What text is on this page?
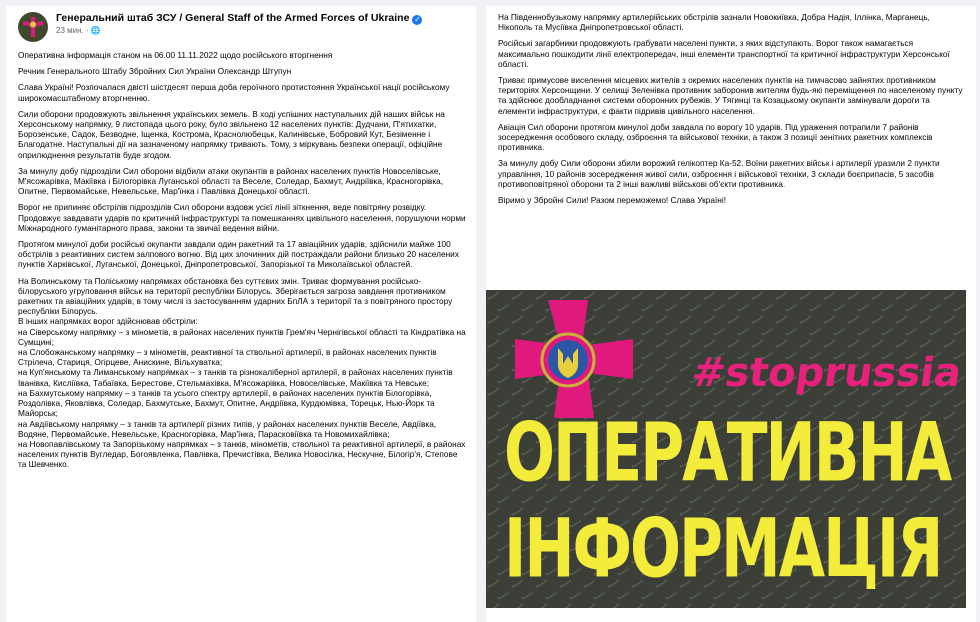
Генеральний штаб ЗСУ / General Staff of the Armed Forces of Ukraine ✓
23 мин. · 🌐

Оперативна інформація станом на 06.00 11.11.2022 щодо російського вторгнення

Речник Генерального Штабу Збройних Сил України Олександр Штупун

Слава Україні! Розпочалася двісті шістдесят перша доба героїчного протистояння Української нації російському широкомасштабному вторгненню.

Сили оборони продовжують звільнення українських земель. В ході успішних наступальних дій наших військ на Херсонському напрямку, 9 листопада цього року, було звільнено 12 населених пунктів: Дудчани, П'ятихатки, Борозенське, Садок, Безводне, Іщенка, Кострома, Краснолюбецьк, Калинівське, Бобровий Кут, Безіменне і Благодатне. Наступальні дії на зазначеному напрямку тривають. Тому, з міркувань безпеки операції, офіційне оприлюднення результатів буде згодом.

За минулу добу підрозділи Сил оборони відбили атаки окупантів в районах населених пунктів Новоселівське, М'ясожарівка, Макіївка і Білогорівка Луганської області та Веселе, Соледар, Бахмут, Андріївка, Красногорівка, Опитне, Первомайське, Невельське, Мар'їнка і Павлівка Донецької області.

Ворог не припиняє обстрілів підрозділів Сил оборони вздовж усієї лінії зіткнення, веде повітряну розвідку. Продовжує завдавати ударів по критичній інфраструктурі та помешканнях цивільного населення, порушуючи норми Міжнародного гуманітарного права, закони та звичаї ведення війни.

Протягом минулої доби російські окупанти завдали один ракетний та 17 авіаційних ударів, здійснили майже 100 обстрілів з реактивних систем залпового вогню. Від цих злочинних дій постраждали райони близько 20 населених пунктів Харківської, Луганської, Донецької, Дніпропетровської, Запорізької та Миколаївської областей.

На Волинському та Поліському напрямках обстановка без суттєвих змін. Триває формування російсько-білоруського угруповання військ на території республіки Білорусь. Зберігається загроза завдання противником ракетних та авіаційних ударів, в тому числі із застосуванням ударних БпЛА з території та з повітряного простору республіки Білорусь.

В інших напрямках ворог здійснював обстріли:

на Сіверському напрямку – з мінометів, в районах населених пунктів Грем'яч Чернігівської області та Кіндратівка на Сумщині;

на Слобожанському напрямку – з мінометів, реактивної та ствольної артилерії, в районах населених пунктів Стрілеча, Стариця, Огірцеве, Анискине, Вільхуватка;

на Куп'янському та Лиманському напрямках – з танків та різнокаліберної артилерії, в районах населених пунктів Іванівка, Кисліївка, Табаївка, Берестове, Стельмахівка, М'ясожарівка, Новоселівське, Макіївка та Невське;

на Бахмутському напрямку – з танків та усього спектру артилерії, в районах населених пунктів Білогорівка, Роздолівка, Яковлівка, Соледар, Бахмутське, Бахмут, Опитне, Андріївка, Курдюмівка, Торецьк, Нью-Йорк та Майорськ;

на Авдіївському напрямку – з танків та артилерії різних типів, у районах населених пунктів Веселе, Авдіївка, Водяне, Первомайське, Невельське, Красногорівка, Мар'їнка, Парасковіївка та Новомихайлівка;

на Новопавлівському та Запорізькому напрямках – з танків, мінометів, ствольної та реактивної артилерії, в районах населених пунктів Вугледар, Богоявленка, Павлівка, Пречистівка, Велика Новосілка, Нескучне, Білогір'я, Степове та Шевченко.

На Південнобузькому напрямку артилерійських обстрілів зазнали Новокиївка, Добра Надія, Іллінка, Марганець, Нікополь та Мусіївка Дніпропетровської області.

Російські загарбники продовжують грабувати населені пункти, з яких відступають. Ворог також намагається максимально пошкодити лінії електропередач, інші елементи транспортної та критичної інфраструктури Херсонської області.

Триває примусове виселення місцевих жителів з окремих населених пунктів на тимчасово зайнятих противником територіях Херсонщини. У селищі Зеленівка противник заборонив жителям будь-які переміщення по населеному пункту та здійснює дообладнання системи оборонних рубежів. У Тягинці та Козацькому окупанти замінували дороги та елементи інфраструктури, є факти підривів цивільного населення.

Авіація Сил оборони протягом минулої доби завдала по ворогу 10 ударів. Під ураження потрапили 7 районів зосередження особового складу, озброєння та військової техніки, а також 3 позиції зенітних ракетних комплексів противника.

За минулу добу Сили оборони збили ворожий гелікоптер Ка-52. Воїни ракетних військ і артилерії уразили 2 пункти управління, 10 районів зосередження живої сили, озброєння і військової техніки, 3 склади боєприпасів, 5 засобів противоповітряної оборони та 2 інші важливі військові об'єкти противника.

Віримо у Збройні Сили! Разом переможемо! Слава Україні!

#stoprussia
ОПЕРАТИВНА
ІНФОРМАЦІЯ
